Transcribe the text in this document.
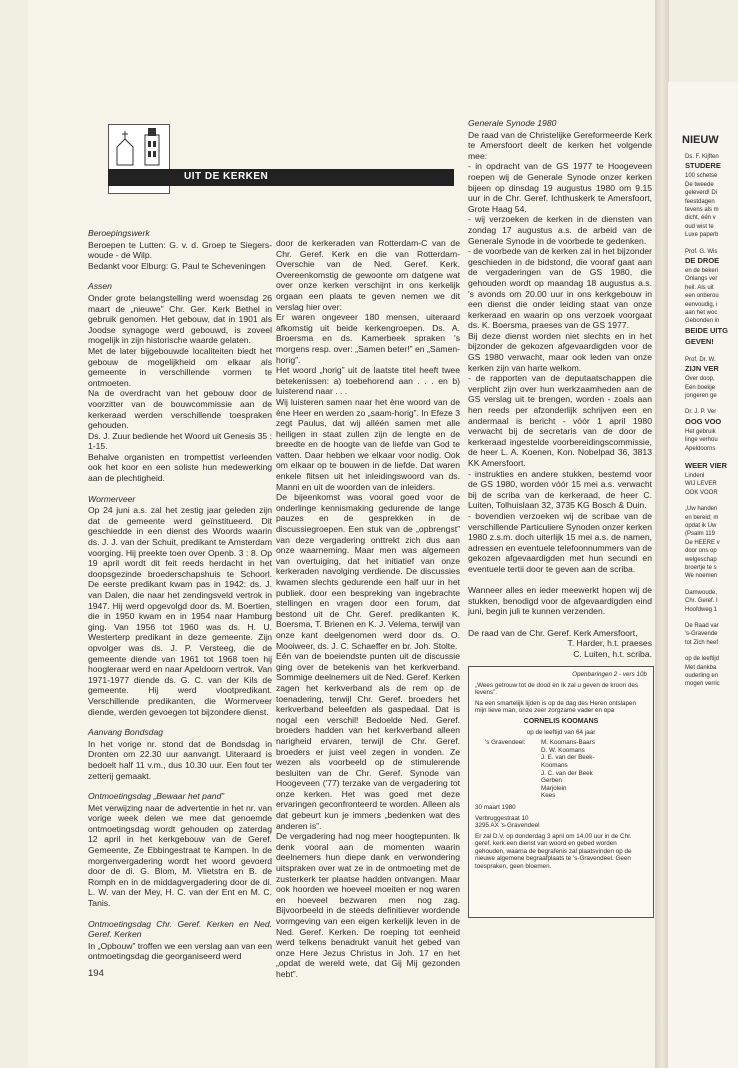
UIT DE KERKEN
Beroepingswerk

Beroepen te Lutten: G. v. d. Groep te Siegers-woude - de Wilp.
Bedankt voor Elburg: G. Paul te Scheveningen

Assen

Onder grote belangstelling werd woensdag 26 maart de „nieuwe” Chr. Ger. Kerk Bethel in gebruik genomen. Het gebouw, dat in 1901 als Joodse synagoge werd gebouwd, is zoveel mogelijk in zijn historische waarde gelaten.
Met de later bijgebouwde localiteiten biedt het gebouw de mogelijkheid om elkaar als gemeente in verschillende vormen te ontmoeten.
Na de overdracht van het gebouw door de voorzitter van de bouwcommissie aan de kerkeraad werden verschillende toespraken gehouden.
Ds. J. Zuur bediende het Woord uit Genesis 35 : 1-15.
Behalve organisten en trompettist verleenden ook het koor en een soliste hun medewerking aan de plechtigheid.

Wormerveer

Op 24 juni a.s. zal het zestig jaar geleden zijn dat de gemeente werd geïnstitueerd. Dit geschiedde in een dienst des Woords waarin ds. J. J. van der Schuit, predikant te Amsterdam voorging. Hij preekte toen over Openb. 3 : 8. Op 19 april wordt dit feit reeds herdacht in het doopsgezinde broederschapshuis te Schoorl. De eerste predikant kwam pas in 1942: ds. J. van Dalen, die naar het zendingsveld vertrok in 1947. Hij werd opgevolgd door ds. M. Boertien, die in 1950 kwam en in 1954 naar Hamburg ging. Van 1956 tot 1960 was ds. H. U. Westerterp predikant in deze gemeente. Zijn opvolger was ds. J. P. Versteeg, die de gemeente diende van 1961 tot 1968 toen hij hoogleraar werd en naar Apeldoorn vertrok. Van 1971-1977 diende ds. G. C. van der Kils de gemeente. Hij werd vlootpredikant. Verschillende predikanten, die Wormerveer diende, werden gevoegen tot bijzondere dienst.

Aanvang Bondsdag

In het vorige nr. stond dat de Bondsdag in Dronten om 22.30 uur aanvangt. Uiteraard is bedoelt half 11 v.m., dus 10.30 uur. Een fout ter zetterij gemaakt.

Ontmoetingsdag „Bewaar het pand”

Met verwijzing naar de advertentie in het nr. van vorige week delen we mee dat genoemde ontmoetingsdag wordt gehouden op zaterdag 12 april in het kerkgebouw van de Geref. Gemeente, Ze Ebbingestraat te Kampen. In de morgenvergadering wordt het woord gevoerd door de di. G. Blom, M. Vlietstra en B. de Romph en in de middagvergadering door de di. L. W. van der Mey, H. C. van der Ent en M. C. Tanis.

Ontmoetingsdag Chr. Geref. Kerken en Ned. Geref. Kerken

In „Opbouw” troffen we een verslag aan van een ontmoetingsdag die georganiseerd werd

door de kerkeraden van Rotterdam-C van de Chr. Geref. Kerk en die van Rotterdam-Overschie van de Ned. Geref. Kerk. Overeenkomstig de gewoonte om datgene wat over onze kerken verschijnt in ons kerkelijk orgaan een plaats te geven nemen we dit verslag hier over:
Er waren ongeveer 180 mensen, uiteraard afkomstig uit beide kerkengroepen. Ds. A. Broersma en ds. Kamerbeek spraken 's morgens resp. over: „Samen beter!” en „Samen-horig”.
Het woord „horig” uit de laatste titel heeft twee betekenissen: a) toebehorend aan . . . en b) luisterend naar . . .
Wij luisteren samen naar het ène woord van de ène Heer en werden zo „saam-horig”. In Efeze 3 zegt Paulus, dat wij alléén samen met alle heiligen in staat zullen zijn de lengte en de breedte en de hoogte van de liefde van God te vatten. Daar hebben we elkaar voor nodig. Ook om elkaar op te bouwen in de liefde. Dat waren enkele flitsen uit het inleidingswoord van ds. Manni en uit de woorden van de inleiders.
De bijeenkomst was vooral goed voor de onderlinge kennismaking gedurende de lange pauzes en de gesprekken in de discussiegroepen. Een stuk van de „opbrengst” van deze vergadering onttrekt zich dus aan onze waarneming. Maar men was algemeen van overtuiging, dat het initiatief van onze kerkeraden navolging verdiende. De discussies kwamen slechts gedurende een half uur in het publiek. door een bespreking van ingebrachte stellingen en vragen door een forum, dat bestond uit de Chr. Geref. predikanten K. Boersma, T. Brienen en K. J. Velema, terwijl van onze kant deelgenomen werd door ds. O. Mooiweer, ds. J. C. Schaeffer en br. Joh. Stolte.
Eén van de boeiendste punten uit de discussie ging over de betekenis van het kerkverband. Sommige deelnemers uit de Ned. Geref. Kerken zagen het kerkverband als de rem op de toenadering, terwijl Chr. Geref. broeders het kerkverband beleefden als gaspedaal. Dat is nogal een verschil! Bedoelde Ned. Geref. broeders hadden van het kerkverband alleen narigheid ervaren, terwijl de Chr. Geref. broeders er juist veel zegen in vonden. Ze wezen als voorbeeld op de stimulerende besluiten van de Chr. Geref. Synode van Hoogeveen ('77) terzake van de vergadering tot onze kerken. Het was goed met deze ervaringen geconfronteerd te worden. Alleen als dat gebeurt kun je immers „bedenken wat des anderen is”.
De vergadering had nog meer hoogtepunten. Ik denk vooral aan de momenten waarin deelnemers hun diepe dank en verwondering uitspraken over wat ze in de ontmoeting met de zusterkerk ter plaatse hadden ontvangen. Maar ook hoorden we hoeveel moeiten er nog waren en hoeveel bezwaren men nog zag. Bijvoorbeeld in de steeds definitiever wordende vormgeving van een eigen kerkelijk leven in de Ned. Geref. Kerken. De roeping tot eenheid werd telkens benadrukt vanuit het gebed van onze Here Jezus Christus in Joh. 17 en het „opdat de wereld wete, dat Gij Mij gezonden hebt”.

Generale Synode 1980

De raad van de Christelijke Gereformeerde Kerk te Amersfoort deelt de kerken het volgende mee:
- in opdracht van de GS 1977 te Hoogeveen roepen wij de Generale Synode onzer kerken bijeen op dinsdag 19 augustus 1980 om 9.15 uur in de Chr. Geref. Ichthuskerk te Amersfoort, Grote Haag 54.
- wij verzoeken de kerken in de diensten van zondag 17 augustus a.s. de arbeid van de Generale Synode in de voorbede te gedenken.
- de voorbede van de kerken zal in het bijzonder geschieden in de bidstond, die vooraf gaat aan de vergaderingen van de GS 1980, die gehouden wordt op maandag 18 augustus a.s. 's avonds om 20.00 uur in ons kerkgebouw in een dienst die onder leiding staat van onze kerkeraad en waarin op ons verzoek voorgaat ds. K. Boersma, praeses van de GS 1977.
Bij deze dienst worden niet slechts en in het bijzonder de gekozen afgevaardigden voor de GS 1980 verwacht, maar ook leden van onze kerken zijn van harte welkom.
- de rapporten van de deputaatschappen die verplicht zijn over hun werkzaamheden aan de GS verslag uit te brengen, worden - zoals aan hen reeds per afzonderlijk schrijven een en andermaal is bericht - vóór 1 april 1980 verwacht bij de secretaris van de door de kerkeraad ingestelde voorbereidingscommissie, de heer L. A. Koenen, Kon. Nobelpad 36, 3813 KK Amersfoort.
- instrukties en andere stukken, bestemd voor de GS 1980, worden vóór 15 mei a.s. verwacht bij de scriba van de kerkeraad, de heer C. Luiten, Tolhuislaan 32, 3735 KG Bosch & Duin.
- bovendien verzoeken wij de scribae van de verschillende Particuliere Synoden onzer kerken 1980 z.s.m. doch uiterlijk 15 mei a.s. de namen, adressen en eventuele telefoonnummers van de gekozen afgevaardigden met hun secundi en eventuele tertii door te geven aan de scriba.

Wanneer alles en ieder meewerkt hopen wij de stukken, benodigd voor de afgevaardigden eind juni, begin juli te kunnen verzenden.

De raad van de Chr. Geref. Kerk Amersfoort,

T. Harder, h.t. praeses

C. Luiten, h.t. scriba.

Openbaringen 2 - vers 10b

„Wees getrouw tot de dood en Ik zal u geven de kroon des levens”.

Na een smartelijk lijden is op de dag des Heren ontslapen mijn lieve man, onze zeer zorgzame vader en opa

CORNELIS KOOMANS

op de leeftijd van 64 jaar

's Gravendeel:	M. Koomans-Baars
D. W. Koomans
J. E. van der Beek-
Koomans
J. C. van der Beek
Gerben
Marjolein
Kees

30 maart 1980

Verbruggestraat 10

3295 AX 's-Gravendeel

Er zal D.V. op donderdag 3 april om 14.00 uur in de Chr. geref. kerk een dienst van woord en gebed worden gehouden, waarna de begrafenis zal plaatsvinden op de nieuwe algemene begraafplaats te 's-Gravendeel. Geen toespraken, geen bloemen.

194
NIEUW
Ds. F. Kijften
STUDERE
100 schetse
De tweede
geleverd! Di
feestdagen
tevens als m
dicht, één v
oud wist te
Luxe paperb
Prof. G. Wis
DE DROE
en de bekeri
Onlangs ver
heil. Als uit
een onberou
eenvoudig, i
aan het woc
Gebonden in
BEIDE UITG
GEVEN!
Prof. Dr. W.
ZIJN VER
Over doop,
Een boekje
jongeren ge
Dr. J. P. Ver
OOG VOO
Het gebruik
linge verhou
Apeldoorns
WEER VIER
Lindenl
WIJ LEVER
OOK VOOR
„Uw handen
en bereid; m
opdat ik Uw
(Psalm 119
De HEERE v
door ons op
welgeschap
broertje te s
We noemen
Damwoude,
Chr. Geref. I
Hoofdweg 1
De Raad var
's-Gravende
tot Zich heef
op de leeftijd
Met dankba
ouderling en
mogen verric
